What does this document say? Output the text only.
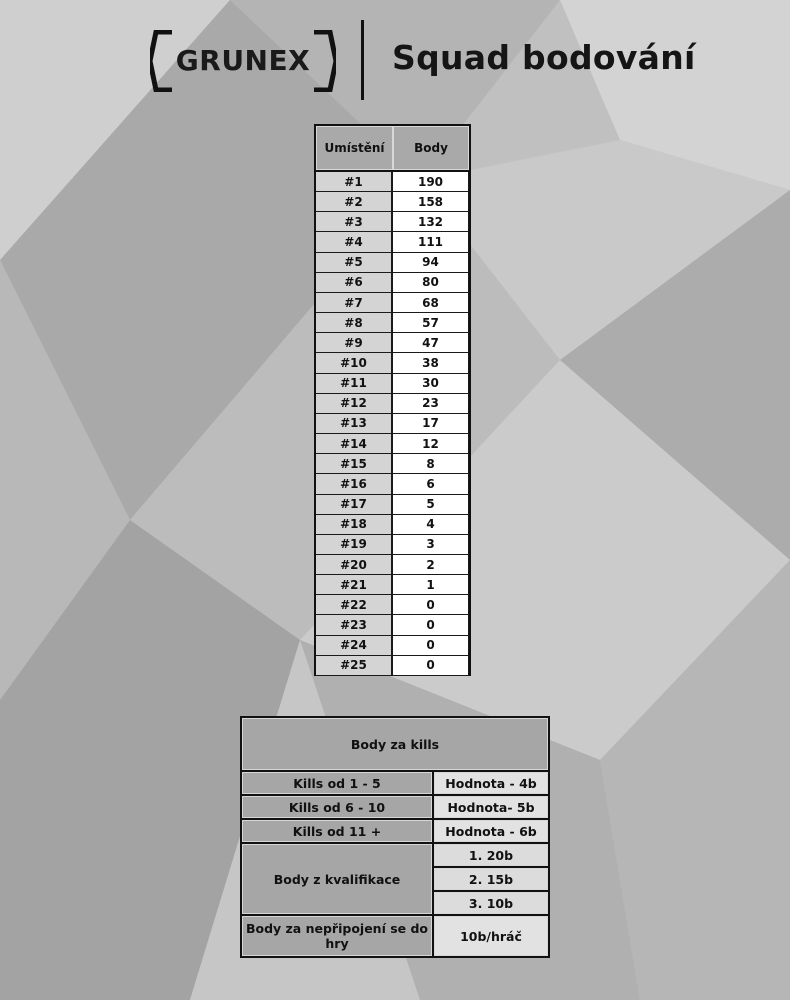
GRUNEX Squad bodování
Umístění	Body
#1	190
#2	158
#3	132
#4	111
#5	94
#6	80
#7	68
#8	57
#9	47
#10	38
#11	30
#12	23
#13	17
#14	12
#15	8
#16	6
#17	5
#18	4
#19	3
#20	2
#21	1
#22	0
#23	0
#24	0
#25	0
Body za kills
Kills od 1 - 5	Hodnota - 4b
Kills od 6 - 10	Hodnota- 5b
Kills od 11 +	Hodnota - 6b
Body z kvalifikace
1. 20b
2. 15b
3. 10b
Body za nepřipojení se do hry	10b/hráč
